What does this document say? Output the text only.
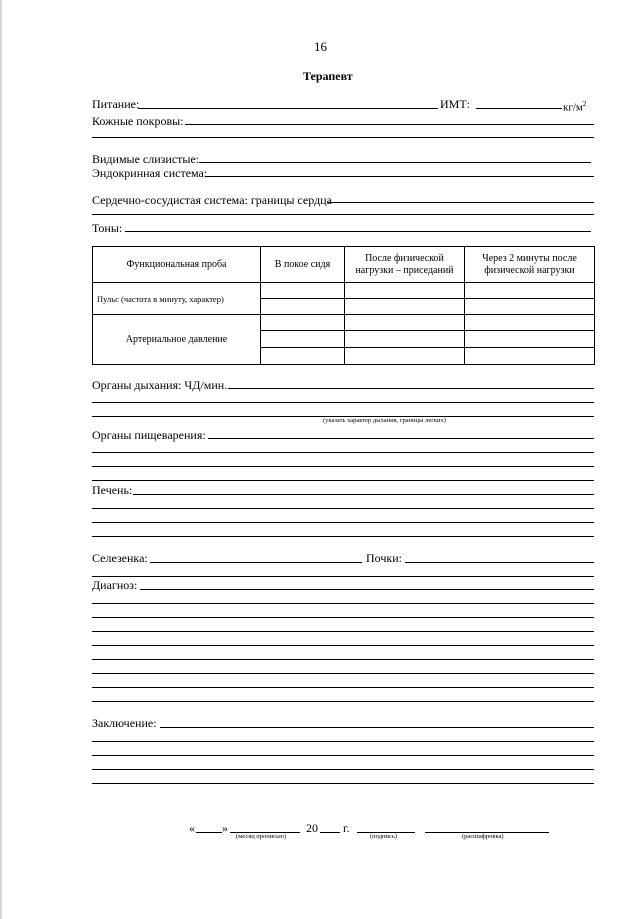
16
Терапевт
Питание:	ИМТ:	$кг/м^2$
Кожные покровы:
Видимые слизистые:
Эндокринная система:
Сердечно-сосудистая система: границы сердца
Тоны:
Функциональная проба	В покое сидя	После физической нагрузки – приседаний	Через 2 минуты после физической нагрузки
Пульс (частота в минуту, характер)			

Артериальное давление			

Органы дыхания: ЧД/мин.
(указать характер дыхания, границы легких)
Органы пищеварения:
Печень:
Селезенка:	Почки:
Диагноз:
Заключение:
« »
(месяц прописью)
20 г.
(подпись)	(расшифровка)
